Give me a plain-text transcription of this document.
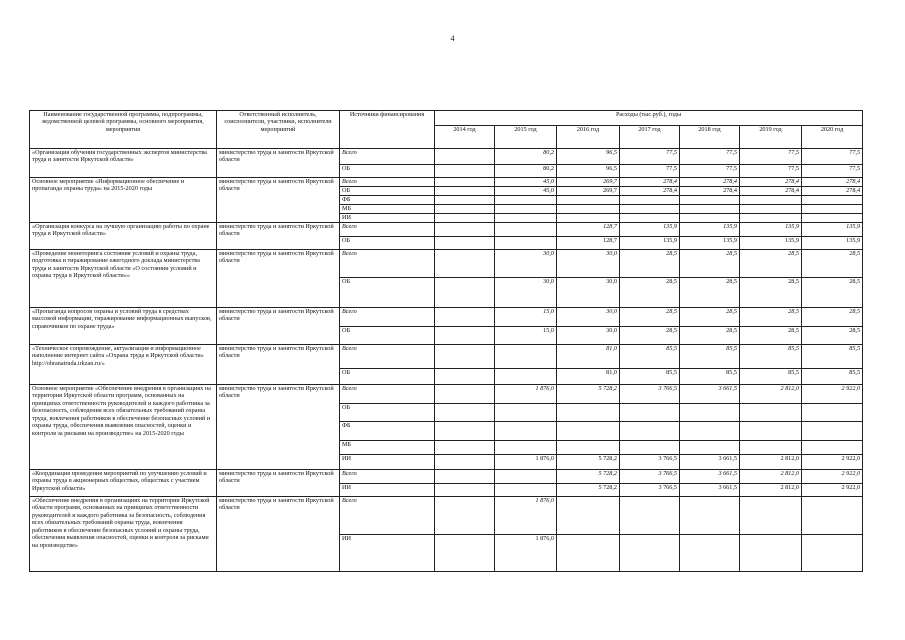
4
Наименование государственной программы, подпрограммы, ведомственной целевой программы, основного мероприятия, мероприятия	Ответственный исполнитель, соисполнители, участники, исполнители мероприятий	Источники финансирования	Расходы (тыс.руб.), годы						
			2014 год	2015 год	2016 год	2017 год	2018 год	2019 год	2020 год
«Организация обучения государственных экспертов министерства труда и занятости Иркутской области»	министерство труда и занятости Иркутской области	Всего		80,2	96,5	77,5	77,5	77,5	77,5
		ОБ		80,2	96,5	77,5	77,5	77,5	77,5
Основное мероприятие «Информационное обеспечение и пропаганда охраны труда» на 2015-2020 годы	министерство труда и занятости Иркутской области	Всего		45,0	269,7	278,4	278,4	278,4	278,4
		ОБ		45,0	269,7	278,4	278,4	278,4	278,4
		ФБ							
		МБ							
		ИИ							
«Организация конкурса на лучшую организацию работы по охране труда в Иркутской области»	министерство труда и занятости Иркутской области	Всего			128,7	135,9	135,9	135,9	135,9
		ОБ			128,7	135,9	135,9	135,9	135,9
«Проведение мониторинга состояния условий и охраны труда, подготовка и тиражирование ежегодного доклада министерства труда и занятости Иркутской области «О состоянии условий и охраны труда в Иркутской области»»	министерство труда и занятости Иркутской области	Всего		30,0	30,0	28,5	28,5	28,5	28,5
		ОБ		30,0	30,0	28,5	28,5	28,5	28,5
«Пропаганда вопросов охраны и условий труда в средствах массовой информации, тиражирование информационных выпусков, справочников по охране труда»	министерство труда и занятости Иркутской области	Всего		15,0	30,0	28,5	28,5	28,5	28,5
		ОБ		15,0	30,0	28,5	28,5	28,5	28,5
«Техническое сопровождение, актуализация и информационное наполнение интернет сайта «Охрана труда в Иркутской области» http://ohranatruda.irkzan.ru/»	министерство труда и занятости Иркутской области	Всего			81,0	85,5	85,5	85,5	85,5
		ОБ			81,0	85,5	85,5	85,5	85,5
Основное мероприятие «Обеспечение внедрения в организациях на территории Иркутской области программ, основанных на принципах ответственности руководителей и каждого работника за безопасность, соблюдения всех обязательных требований охраны труда, вовлечения работников в обеспечение безопасных условий и охраны труда, обеспечения выявления опасностей, оценки и контроля за рисками на производстве» на 2015-2020 годы	министерство труда и занятости Иркутской области	Всего		1 876,0	5 728,2	3 766,5	3 661,5	2 812,0	2 922,0
		ОБ							
		ФБ							
		МБ							
		ИИ		1 876,0	5 728,2	3 766,5	3 661,5	2 812,0	2 922,0
«Координация проведения мероприятий по улучшению условий и охраны труда в акционерных обществах, обществах с участием Иркутской области»	министерство труда и занятости Иркутской области	Всего			5 728,2	3 766,5	3 661,5	2 812,0	2 922,0
		ИИ			5 728,2	3 766,5	3 661,5	2 812,0	2 922,0
«Обеспечение внедрения в организациях на территории Иркутской области программ, основанных на принципах ответственности руководителей и каждого работника за безопасность, соблюдения всех обязательных требований охраны труда, вовлечения работников в обеспечение безопасных условий и охраны труда, обеспечения выявления опасностей, оценки и контроля за рисками на производстве»	министерство труда и занятости Иркутской области	Всего		1 876,0					
		ИИ		1 876,0					
